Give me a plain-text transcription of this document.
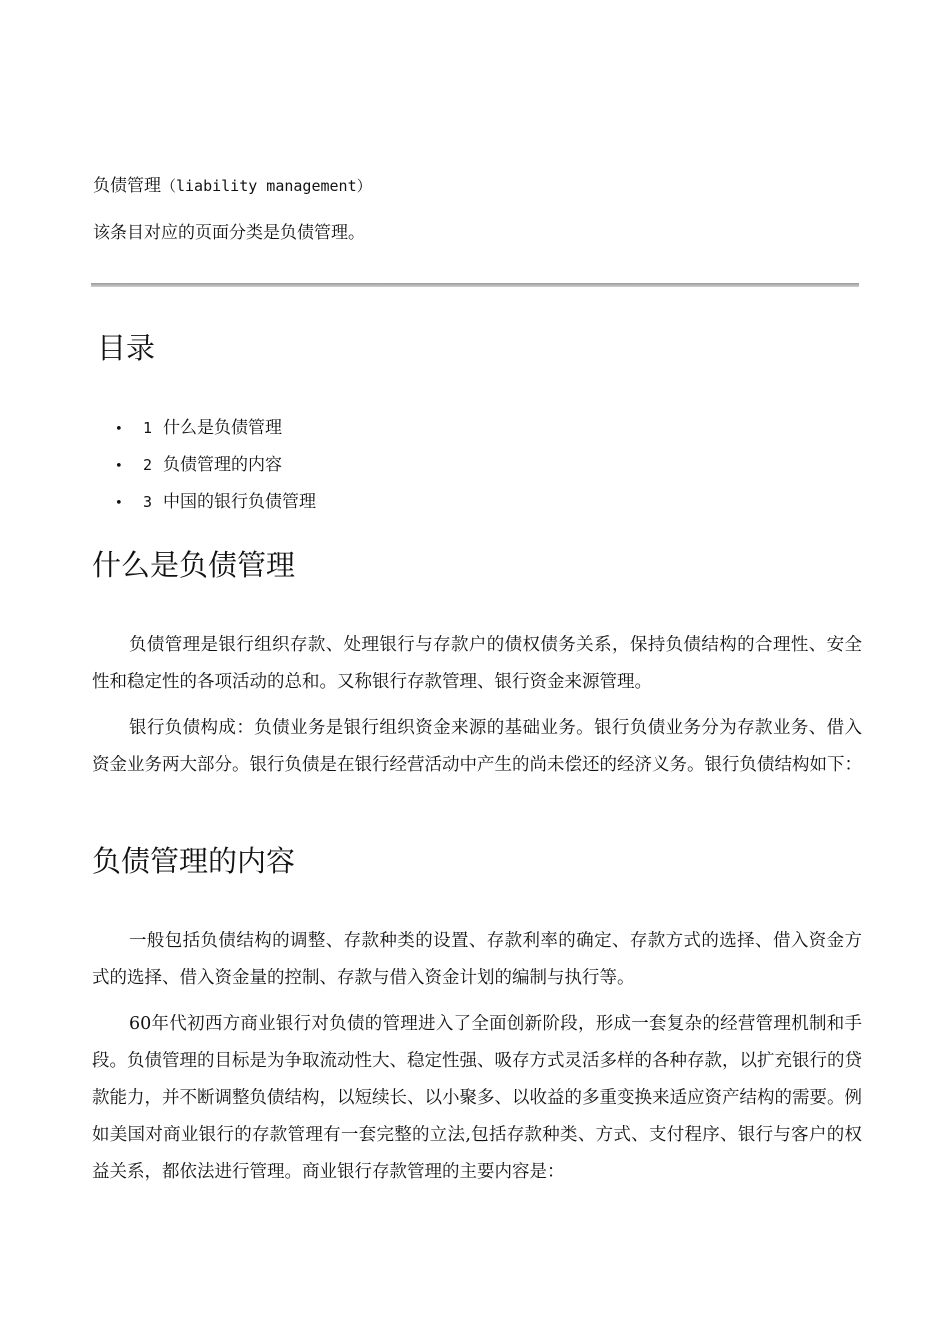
负债管理（liability management）
该条目对应的页面分类是负债管理。
目录
• 1 什么是负债管理
• 2 负债管理的内容
• 3 中国的银行负债管理
什么是负债管理

负债管理是银行组织存款、处理银行与存款户的债权债务关系，保持负债结构的合理性、安全性和稳定性的各项活动的总和。又称银行存款管理、银行资金来源管理。

银行负债构成：负债业务是银行组织资金来源的基础业务。银行负债业务分为存款业务、借入资金业务两大部分。银行负债是在银行经营活动中产生的尚未偿还的经济义务。银行负债结构如下：

负债管理的内容

一般包括负债结构的调整、存款种类的设置、存款利率的确定、存款方式的选择、借入资金方式的选择、借入资金量的控制、存款与借入资金计划的编制与执行等。

60年代初西方商业银行对负债的管理进入了全面创新阶段，形成一套复杂的经营管理机制和手段。负债管理的目标是为争取流动性大、稳定性强、吸存方式灵活多样的各种存款，以扩充银行的贷款能力，并不断调整负债结构，以短续长、以小聚多、以收益的多重变换来适应资产结构的需要。例如美国对商业银行的存款管理有一套完整的立法,包括存款种类、方式、支付程序、银行与客户的权益关系，都依法进行管理。商业银行存款管理的主要内容是：
